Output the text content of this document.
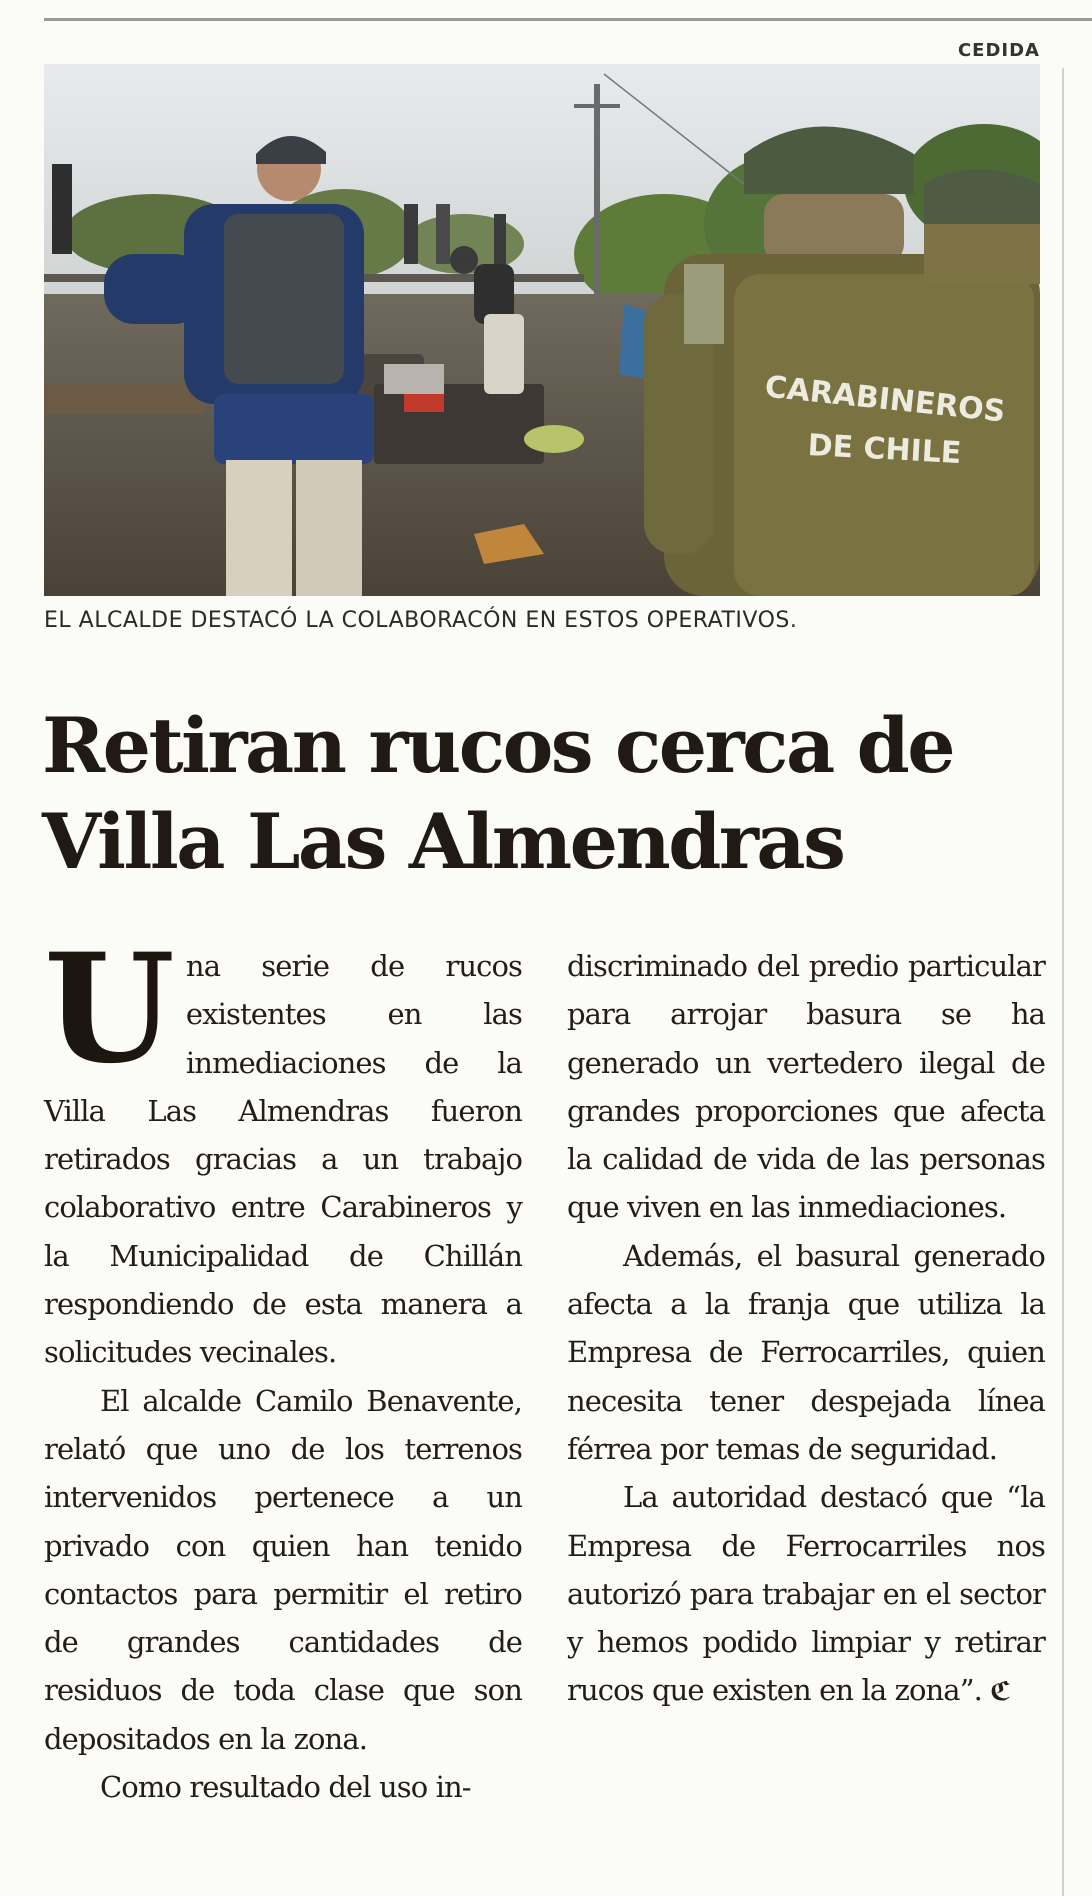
CEDIDA
CARABINEROS
DE CHILE
EL ALCALDE DESTACÓ LA COLABORACÓN EN ESTOS OPERATIVOS.
Retiran rucos cerca de Villa Las Almendras

Una serie de rucos existentes en las inmediaciones de la Villa Las Almendras fueron retirados gracias a un trabajo colaborativo entre Carabineros y la Municipalidad de Chillán respondiendo de esta manera a solicitudes vecinales.

El alcalde Camilo Benavente, relató que uno de los terrenos intervenidos pertenece a un privado con quien han tenido contactos para permitir el retiro de grandes cantidades de residuos de toda clase que son depositados en la zona.

Como resultado del uso in-

discriminado del predio particular para arrojar basura se ha generado un vertedero ilegal de grandes proporciones que afecta la calidad de vida de las personas que viven en las inmediaciones.

Además, el basural generado afecta a la franja que utiliza la Empresa de Ferrocarriles, quien necesita tener despejada línea férrea por temas de seguridad.

La autoridad destacó que “la Empresa de Ferrocarriles nos autorizó para trabajar en el sector y hemos podido limpiar y retirar rucos que existen en la zona”. ℭ
